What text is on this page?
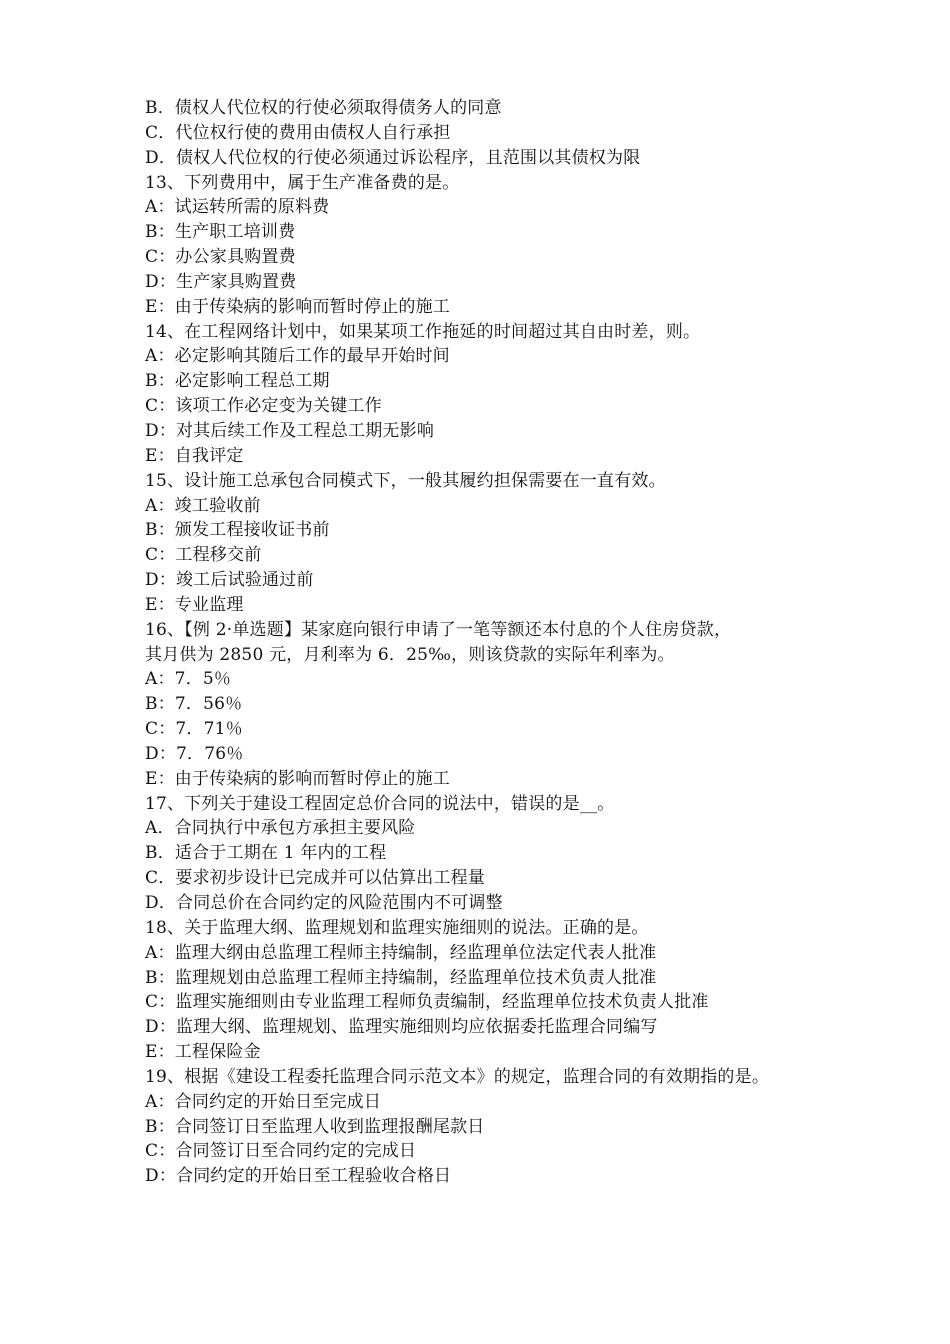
B．债权人代位权的行使必须取得债务人的同意
C．代位权行使的费用由债权人自行承担
D．债权人代位权的行使必须通过诉讼程序，且范围以其债权为限
13、下列费用中，属于生产准备费的是。
A：试运转所需的原料费
B：生产职工培训费
C：办公家具购置费
D：生产家具购置费
E：由于传染病的影响而暂时停止的施工
14、在工程网络计划中，如果某项工作拖延的时间超过其自由时差，则。
A：必定影响其随后工作的最早开始时间
B：必定影响工程总工期
C：该项工作必定变为关键工作
D：对其后续工作及工程总工期无影响
E：自我评定
15、设计施工总承包合同模式下，一般其履约担保需要在一直有效。
A：竣工验收前
B：颁发工程接收证书前
C：工程移交前
D：竣工后试验通过前
E：专业监理
16、【例 2·单选题】某家庭向银行申请了一笔等额还本付息的个人住房贷款，
其月供为 2850 元，月利率为 6．25‰，则该贷款的实际年利率为。
A：7．5％
B：7．56％
C：7．71％
D：7．76％
E：由于传染病的影响而暂时停止的施工
17、下列关于建设工程固定总价合同的说法中，错误的是__。
A．合同执行中承包方承担主要风险
B．适合于工期在 1 年内的工程
C．要求初步设计已完成并可以估算出工程量
D．合同总价在合同约定的风险范围内不可调整
18、关于监理大纲、监理规划和监理实施细则的说法。正确的是。
A：监理大纲由总监理工程师主持编制，经监理单位法定代表人批准
B：监理规划由总监理工程师主持编制，经监理单位技术负责人批准
C：监理实施细则由专业监理工程师负责编制，经监理单位技术负责人批准
D：监理大纲、监理规划、监理实施细则均应依据委托监理合同编写
E：工程保险金
19、根据《建设工程委托监理合同示范文本》的规定，监理合同的有效期指的是。
A：合同约定的开始日至完成日
B：合同签订日至监理人收到监理报酬尾款日
C：合同签订日至合同约定的完成日
D：合同约定的开始日至工程验收合格日
